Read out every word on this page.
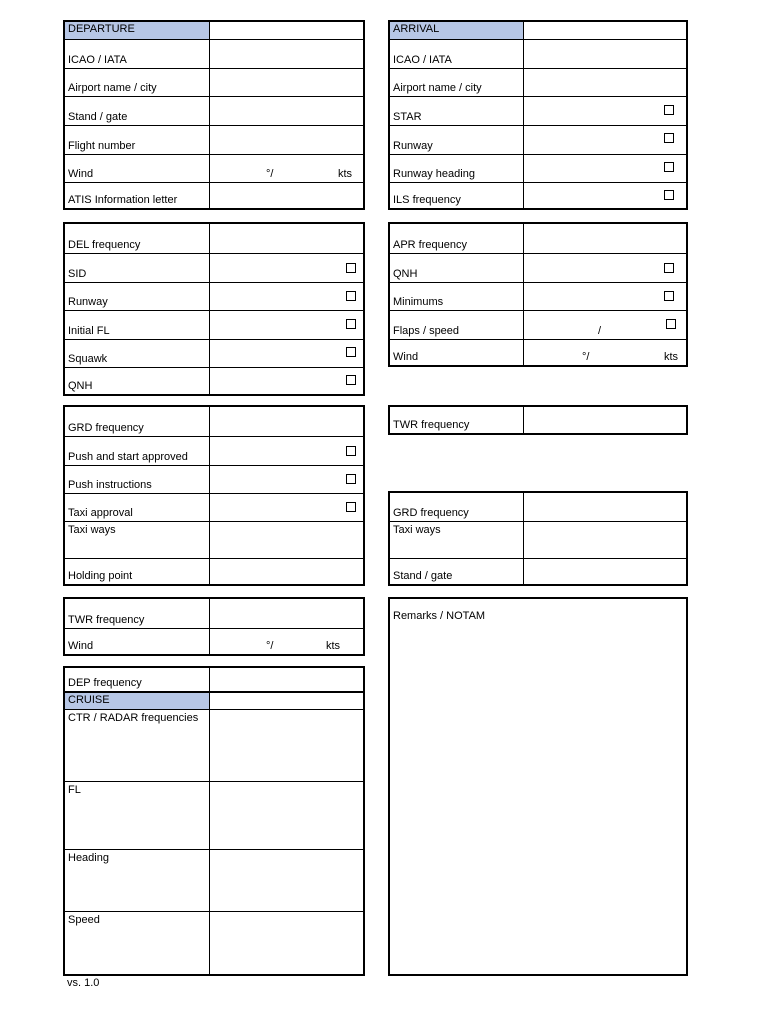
DEPARTURE
ICAO / IATA
Airport name / city
Stand / gate
Flight number
Wind	°/	kts
ATIS Information letter
DEL frequency
SID
Runway
Initial FL
Squawk
QNH
GRD frequency
Push and start approved
Push instructions
Taxi approval
Taxi ways
Holding point
TWR frequency
Wind	°/	kts
DEP frequency
CRUISE
CTR / RADAR frequencies
FL
Heading
Speed
ARRIVAL
ICAO / IATA
Airport name / city
STAR
Runway
Runway heading
ILS frequency
APR frequency
QNH
Minimums
Flaps / speed	/
Wind	°/	kts
TWR frequency
GRD frequency
Taxi ways
Stand / gate
Remarks / NOTAM
vs. 1.0
